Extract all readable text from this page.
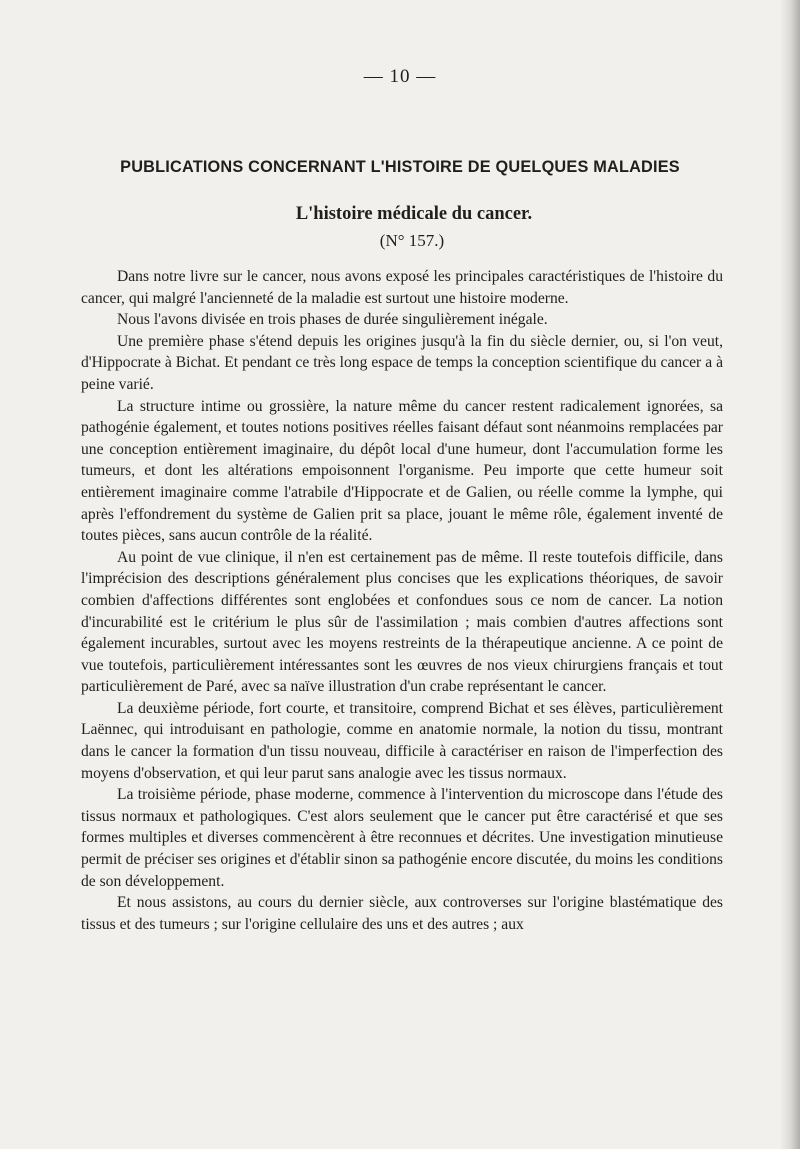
— 10 —
PUBLICATIONS CONCERNANT L'HISTOIRE DE QUELQUES MALADIES
L'histoire médicale du cancer.
(N° 157.)

Dans notre livre sur le cancer, nous avons exposé les principales caractéristiques de l'histoire du cancer, qui malgré l'ancienneté de la maladie est surtout une histoire moderne.

Nous l'avons divisée en trois phases de durée singulièrement inégale.

Une première phase s'étend depuis les origines jusqu'à la fin du siècle dernier, ou, si l'on veut, d'Hippocrate à Bichat. Et pendant ce très long espace de temps la conception scientifique du cancer a à peine varié.

La structure intime ou grossière, la nature même du cancer restent radicalement ignorées, sa pathogénie également, et toutes notions positives réelles faisant défaut sont néanmoins remplacées par une conception entièrement imaginaire, du dépôt local d'une humeur, dont l'accumulation forme les tumeurs, et dont les altérations empoisonnent l'organisme. Peu importe que cette humeur soit entièrement imaginaire comme l'atrabile d'Hippocrate et de Galien, ou réelle comme la lymphe, qui après l'effondrement du système de Galien prit sa place, jouant le même rôle, également inventé de toutes pièces, sans aucun contrôle de la réalité.

Au point de vue clinique, il n'en est certainement pas de même. Il reste toutefois difficile, dans l'imprécision des descriptions généralement plus concises que les explications théoriques, de savoir combien d'affections différentes sont englobées et confondues sous ce nom de cancer. La notion d'incurabilité est le critérium le plus sûr de l'assimilation ; mais combien d'autres affections sont également incurables, surtout avec les moyens restreints de la thérapeutique ancienne. A ce point de vue toutefois, particulièrement intéressantes sont les œuvres de nos vieux chirurgiens français et tout particulièrement de Paré, avec sa naïve illustration d'un crabe représentant le cancer.

La deuxième période, fort courte, et transitoire, comprend Bichat et ses élèves, particulièrement Laënnec, qui introduisant en pathologie, comme en anatomie normale, la notion du tissu, montrant dans le cancer la formation d'un tissu nouveau, difficile à caractériser en raison de l'imperfection des moyens d'observation, et qui leur parut sans analogie avec les tissus normaux.

La troisième période, phase moderne, commence à l'intervention du microscope dans l'étude des tissus normaux et pathologiques. C'est alors seulement que le cancer put être caractérisé et que ses formes multiples et diverses commencèrent à être reconnues et décrites. Une investigation minutieuse permit de préciser ses origines et d'établir sinon sa pathogénie encore discutée, du moins les conditions de son développement.

Et nous assistons, au cours du dernier siècle, aux controverses sur l'origine blastématique des tissus et des tumeurs ; sur l'origine cellulaire des uns et des autres ; aux
